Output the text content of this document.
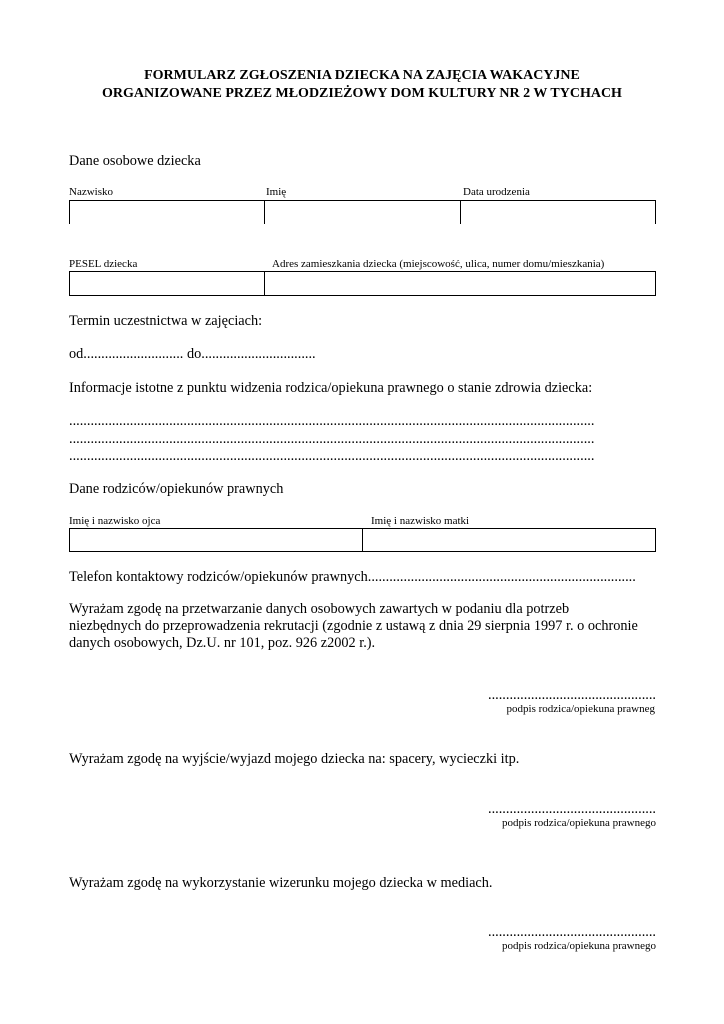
FORMULARZ ZGŁOSZENIA DZIECKA NA ZAJĘCIA WAKACYJNE
ORGANIZOWANE PRZEZ MŁODZIEŻOWY DOM KULTURY NR 2 W TYCHACH
Dane osobowe dziecka
Nazwisko	Imię	Data urodzenia
PESEL dziecka	Adres zamieszkania dziecka (miejscowość, ulica, numer domu/mieszkania)
Termin uczestnictwa w zajęciach:
od............................ do................................
Informacje istotne z punktu widzenia rodzica/opiekuna prawnego o stanie zdrowia dziecka:
...................................................................................................................................................
...................................................................................................................................................
...................................................................................................................................................
Dane rodziców/opiekunów prawnych
Imię i nazwisko ojca	Imię i nazwisko matki
Telefon kontaktowy rodziców/opiekunów prawnych...........................................................................
Wyrażam zgodę na przetwarzanie danych osobowych zawartych w podaniu dla potrzeb
niezbędnych do przeprowadzenia rekrutacji (zgodnie z ustawą z dnia 29 sierpnia 1997 r. o ochronie
danych osobowych, Dz.U. nr 101, poz. 926 z2002 r.).
...............................................
podpis rodzica/opiekuna prawneg
Wyrażam zgodę na wyjście/wyjazd mojego dziecka na: spacery, wycieczki itp.
...............................................
podpis rodzica/opiekuna prawnego
Wyrażam zgodę na wykorzystanie wizerunku mojego dziecka w mediach.
...............................................
podpis rodzica/opiekuna prawnego
